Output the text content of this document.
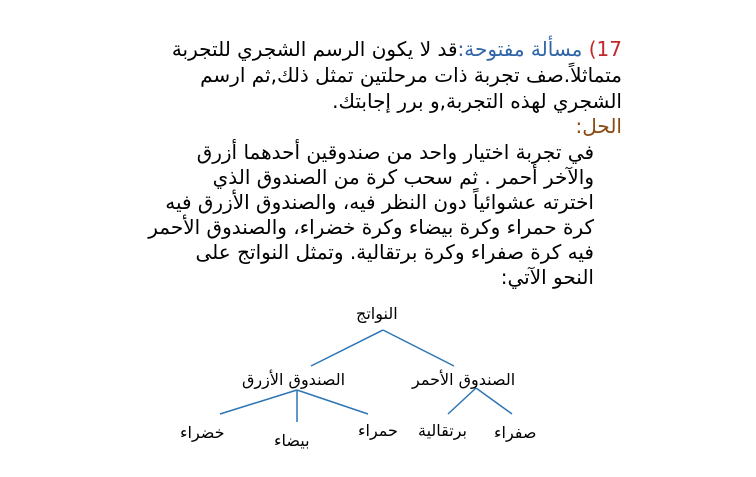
17) مسألة مفتوحة:قد لا يكون الرسم الشجري للتجربة متماثلاً.صف تجربة ذات مرحلتين تمثل ذلك,ثم ارسم الشجري لهذه التجربة,و برر إجابتك.
الحل:
في تجربة اختيار واحد من صندوقين أحدهما أزرق
والآخر أحمر . ثم سحب كرة من الصندوق الذي
اخترته عشوائياً دون النظر فيه، والصندوق الأزرق فيه
كرة حمراء وكرة بيضاء وكرة خضراء، والصندوق الأحمر
فيه كرة صفراء وكرة برتقالية. وتمثل النواتج على
النحو الآتي:
النواتج
الصندوق الأزرق	الصندوق الأحمر
خضراء	بيضاء
حمراء برتقالية صفراء
